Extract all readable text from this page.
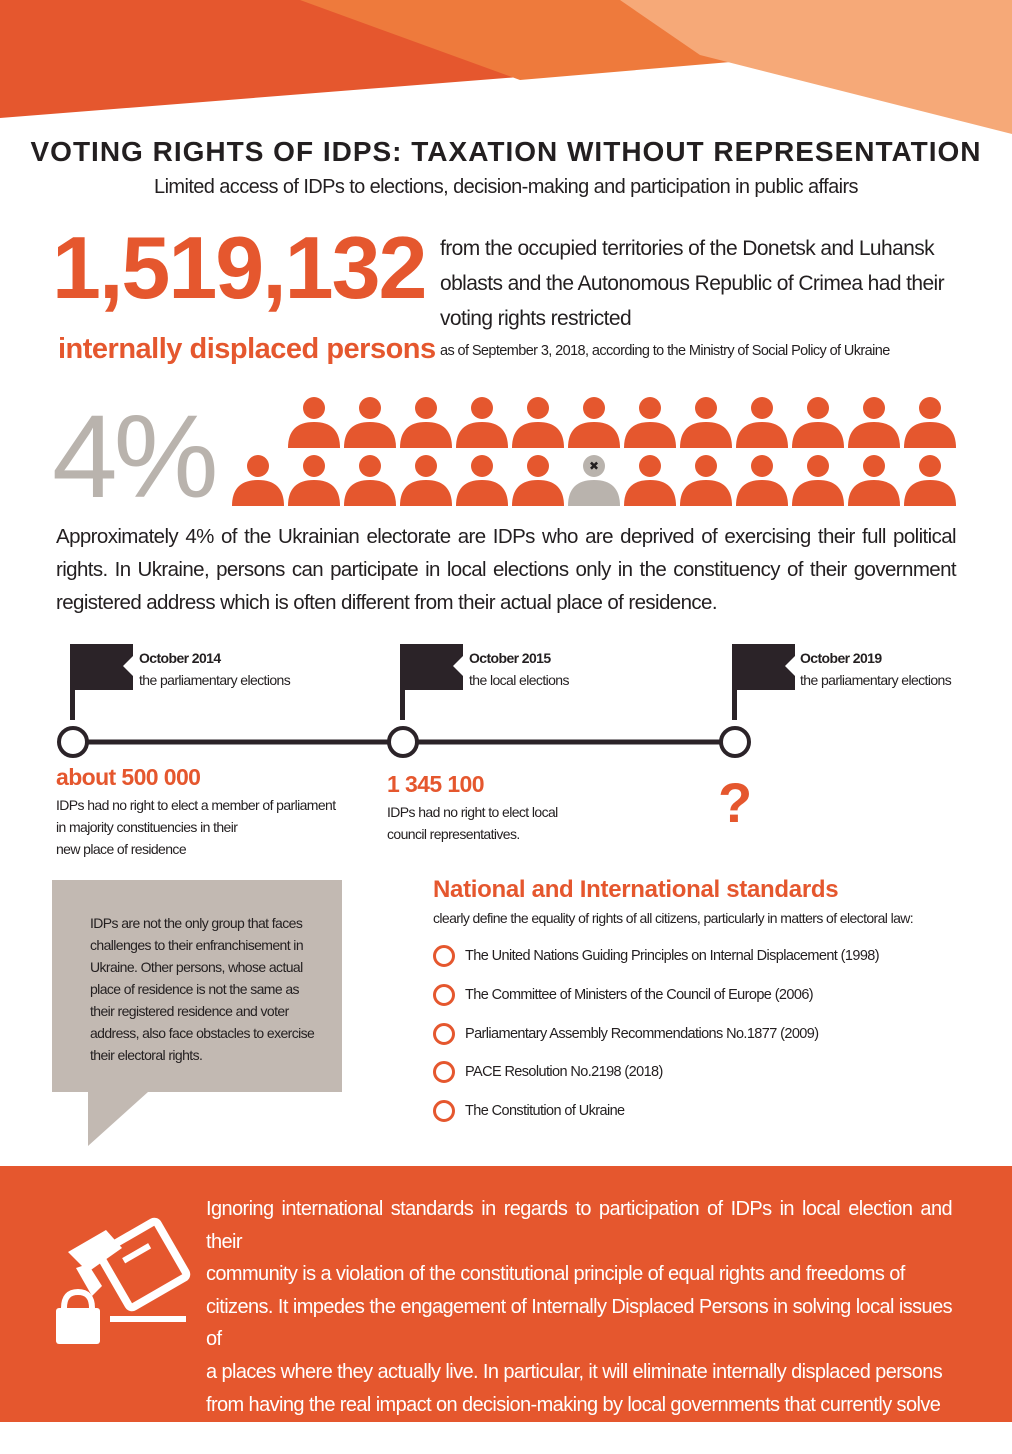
VOTING RIGHTS OF IDPS: TAXATION WITHOUT REPRESENTATION
Limited access of IDPs to elections, decision-making and participation in public affairs
1,519,132
internally displaced persons
from the occupied territories of the Donetsk and Luhansk oblasts and the Autonomous Republic of Crimea had their voting rights restricted
as of September 3, 2018, according to the Ministry of Social Policy of Ukraine
4%	✖
Approximately 4% of the Ukrainian electorate are IDPs who are deprived of exercising their full political rights. In Ukraine, persons can participate in local elections only in the constituency of their government registered address which is often different from their actual place of residence.
October 2014
the parliamentary elections
October 2015
the local elections
October 2019
the parliamentary elections
about 500 000
IDPs had no right to elect a member of parliament
in majority constituencies in their
new place of residence
1 345 100
IDPs had no right to elect local
council representatives.	?
IDPs are not the only group that faces
challenges to their enfranchisement in
Ukraine. Other persons, whose actual
place of residence is not the same as
their registered residence and voter
address, also face obstacles to exercise
their electoral rights.
National and International standards
clearly define the equality of rights of all citizens, particularly in matters of electoral law:
The United Nations Guiding Principles on Internal Displacement (1998)
The Committee of Ministers of the Council of Europe (2006)
Parliamentary Assembly Recommendations No.1877 (2009)
PACE Resolution No.2198 (2018)
The Constitution of Ukraine
Ignoring international standards in regards to participation of IDPs in local election and their
community is a violation of the constitutional principle of equal rights and freedoms of
citizens. It impedes the engagement of Internally Displaced Persons in solving local issues of
a places where they actually live. In particular, it will eliminate internally displaced persons
from having the real impact on decision-making by local governments that currently solve
problems related to internal displacement.
